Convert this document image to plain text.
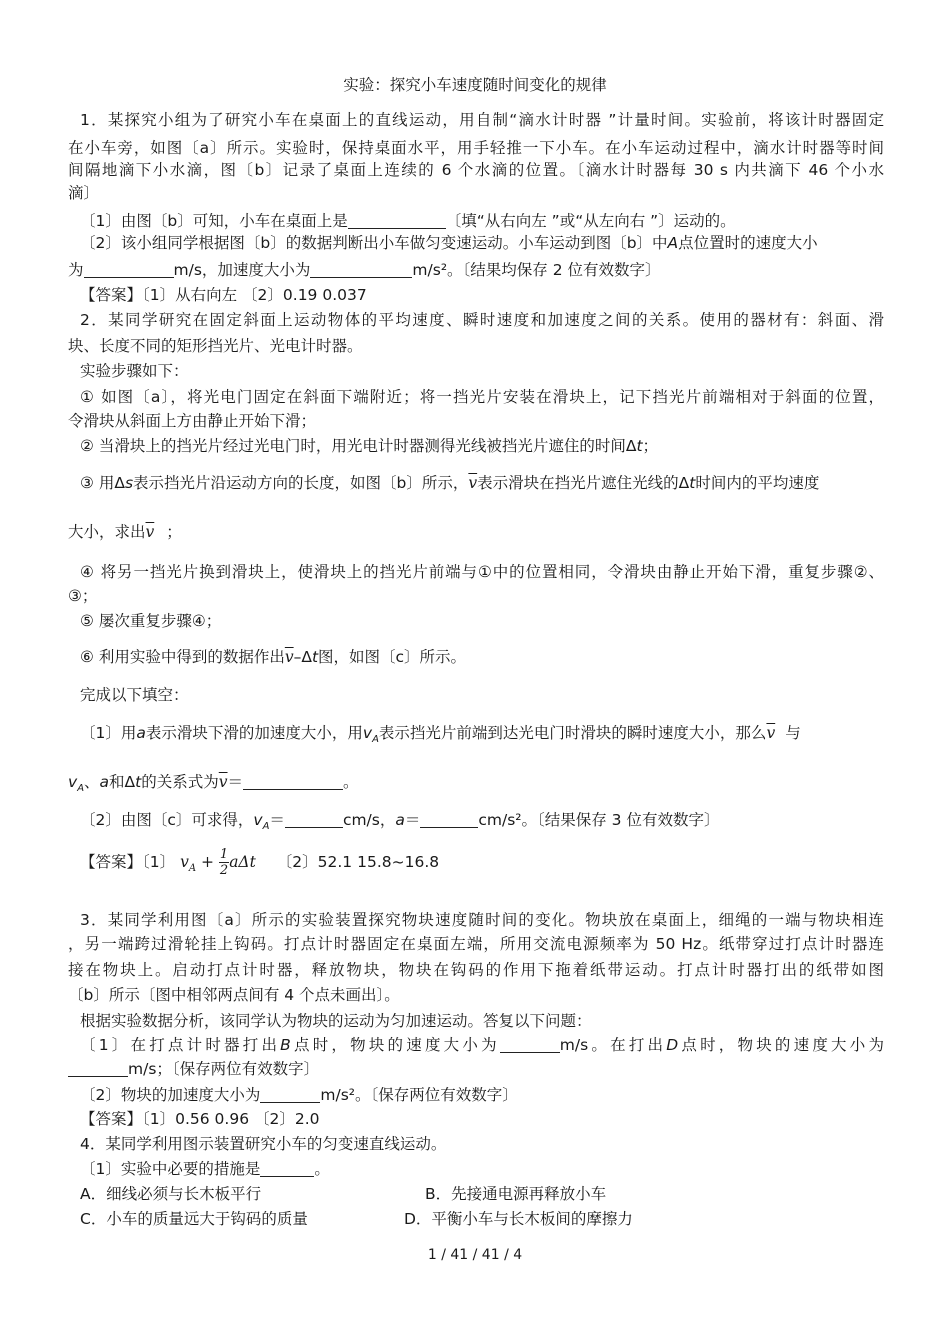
实验：探究小车速度随时间变化的规律
1．某探究小组为了研究小车在桌面上的直线运动，用自制“滴水计时器 ”计量时间。实验前，将该计时器固定
在小车旁，如图〔a〕所示。实验时，保持桌面水平，用手轻推一下小车。在小车运动过程中，滴水计时器等时间
间隔地滴下小水滴，图〔b〕记录了桌面上连续的 6 个水滴的位置。〔滴水计时器每 30 s 内共滴下 46 个小水
滴〕
〔1〕由图〔b〕可知，小车在桌面上是	〔填“从右向左 ”或“从左向右 ”〕运动的。
〔2〕该小组同学根据图〔b〕的数据判断出小车做匀变速运动。小车运动到图〔b〕中A点位置时的速度大小
为	m/s，加速度大小为	m/s²。〔结果均保存 2 位有效数字〕
【答案】〔1〕从右向左 〔2〕0.19 0.037
2．某同学研究在固定斜面上运动物体的平均速度、瞬时速度和加速度之间的关系。使用的器材有：斜面、滑
块、长度不同的矩形挡光片、光电计时器。
实验步骤如下：
① 如图〔a〕，将光电门固定在斜面下端附近；将一挡光片安装在滑块上，记下挡光片前端相对于斜面的位置，
令滑块从斜面上方由静止开始下滑；
② 当滑块上的挡光片经过光电门时，用光电计时器测得光线被挡光片遮住的时间Δt；
③ 用Δs表示挡光片沿运动方向的长度，如图〔b〕所示，$\overline{v}$表示滑块在挡光片遮住光线的Δt时间内的平均速度
大小，求出$\overline{v}$ ；
④ 将另一挡光片换到滑块上，使滑块上的挡光片前端与①中的位置相同，令滑块由静止开始下滑，重复步骤②、
③；
⑤ 屡次重复步骤④；
⑥ 利用实验中得到的数据作出$\overline{v}-\Delta t$图，如图〔c〕所示。
完成以下填空：
〔1〕用a表示滑块下滑的加速度大小，用$v_A$表示挡光片前端到达光电门时滑块的瞬时速度大小，那么$\overline{v}$ 与
$v_A$、a和Δt的关系式为$\overline{v}=$	。
〔2〕由图〔c〕可求得，$v_A=$	cm/s，a＝	cm/s²。〔结果保存 3 位有效数字〕
【答案】〔1〕 $v_A + \frac{1}{2}$ aΔt 〔2〕52.1 15.8~16.8
3．某同学利用图〔a〕所示的实验装置探究物块速度随时间的变化。物块放在桌面上，细绳的一端与物块相连
，另一端跨过滑轮挂上钩码。打点计时器固定在桌面左端，所用交流电源频率为 50 Hz。纸带穿过打点计时器连
接在物块上。启动打点计时器，释放物块，物块在钩码的作用下拖着纸带运动。打点计时器打出的纸带如图
〔b〕所示〔图中相邻两点间有 4 个点未画出〕。
根据实验数据分析，该同学认为物块的运动为匀加速运动。答复以下问题：
〔1〕在打点计时器打出B点时，物块的速度大小为	m/s。在打出D点时，物块的速度大小为
m/s；〔保存两位有效数字〕
〔2〕物块的加速度大小为	m/s²。〔保存两位有效数字〕
【答案】〔1〕0.56 0.96 〔2〕2.0
4．某同学利用图示装置研究小车的匀变速直线运动。
〔1〕实验中必要的措施是	。
A．细线必须与长木板平行	B．先接通电源再释放小车
C．小车的质量远大于钩码的质量	D．平衡小车与长木板间的摩擦力
1 / 41 / 41 / 4
